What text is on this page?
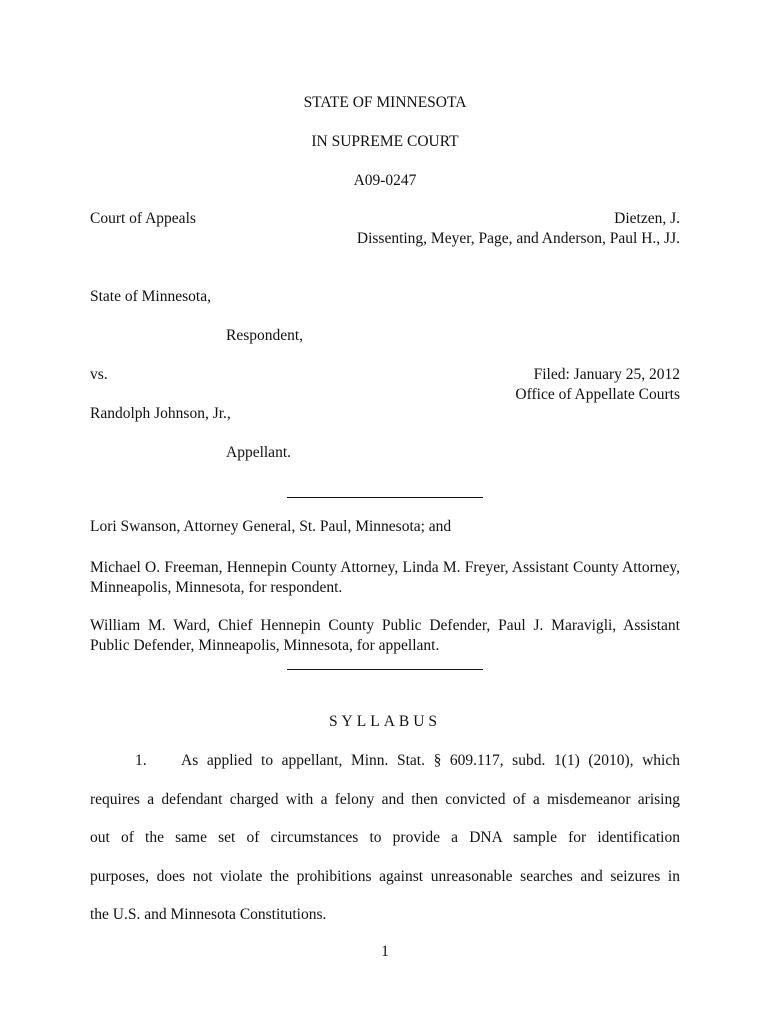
STATE OF MINNESOTA
IN SUPREME COURT
A09-0247
Court of Appeals	Dietzen, J.
Dissenting, Meyer, Page, and Anderson, Paul H., JJ.
State of Minnesota,
Respondent,
vs.	Filed: January 25, 2012
Office of Appellate Courts
Randolph Johnson, Jr.,
Appellant.
Lori Swanson, Attorney General, St. Paul, Minnesota; and
Michael O. Freeman, Hennepin County Attorney, Linda M. Freyer, Assistant County Attorney, Minneapolis, Minnesota, for respondent.
William M. Ward, Chief Hennepin County Public Defender, Paul J. Maravigli, Assistant Public Defender, Minneapolis, Minnesota, for appellant.
SYLLABUS
1. As applied to appellant, Minn. Stat. § 609.117, subd. 1(1) (2010), which
requires a defendant charged with a felony and then convicted of a misdemeanor arising
out of the same set of circumstances to provide a DNA sample for identification
purposes, does not violate the prohibitions against unreasonable searches and seizures in
the U.S. and Minnesota Constitutions.
1
